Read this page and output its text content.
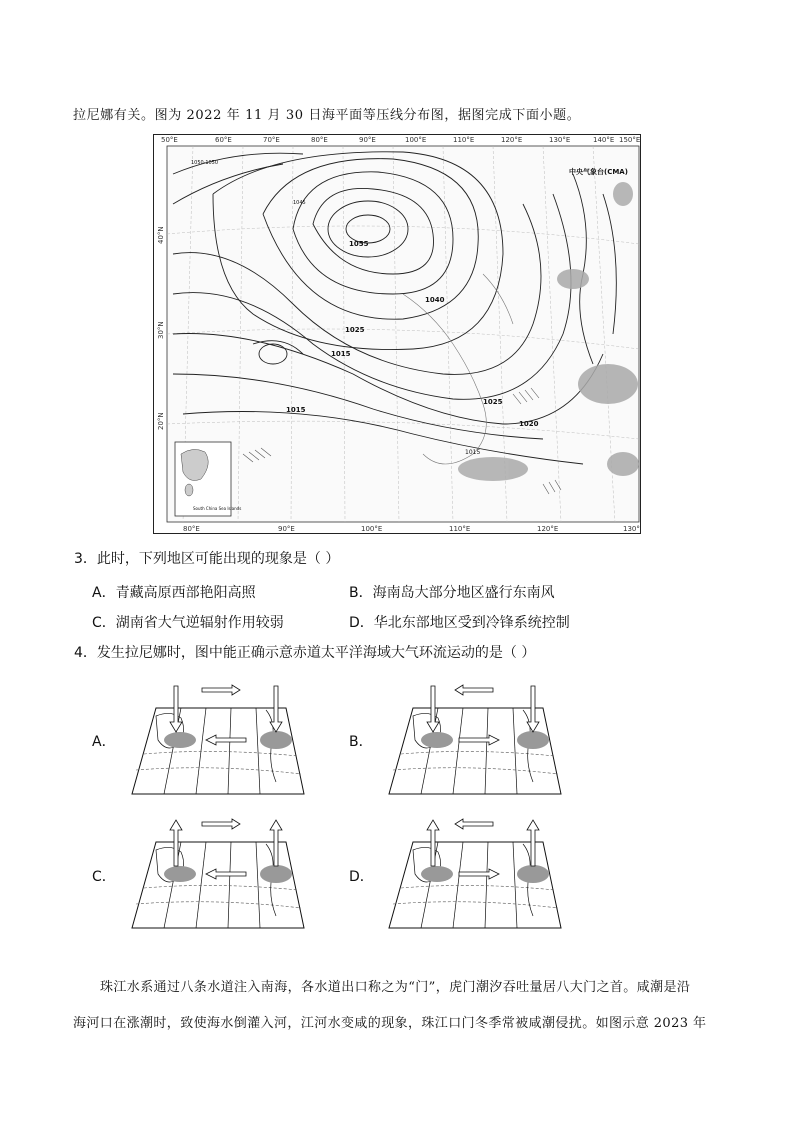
拉尼娜有关。图为 2022 年 11 月 30 日海平面等压线分布图，据图完成下面小题。
1055
1040
1025
1015
1015
1025
1020
1015
1050·1050
1045
中央气象台(CMA)
South China Sea Islands
50°E	60°E	70°E	80°E	90°E	100°E	110°E	120°E	130°E	140°E 150°E
80°E	90°E	100°E	110°E	120°E	130°
40°N
30°N
20°N
3．此时，下列地区可能出现的现象是（ ）
A．青藏高原西部艳阳高照	B．海南岛大部分地区盛行东南风
C．湖南省大气逆辐射作用较弱	D．华北东部地区受到冷锋系统控制
4．发生拉尼娜时，图中能正确示意赤道太平洋海域大气环流运动的是（ ）
A．	B．
C．	D．
珠江水系通过八条水道注入南海，各水道出口称之为“门”，虎门潮汐吞吐量居八大门之首。咸潮是沿
海河口在涨潮时，致使海水倒灌入河，江河水变咸的现象，珠江口门冬季常被咸潮侵扰。如图示意 2023 年
